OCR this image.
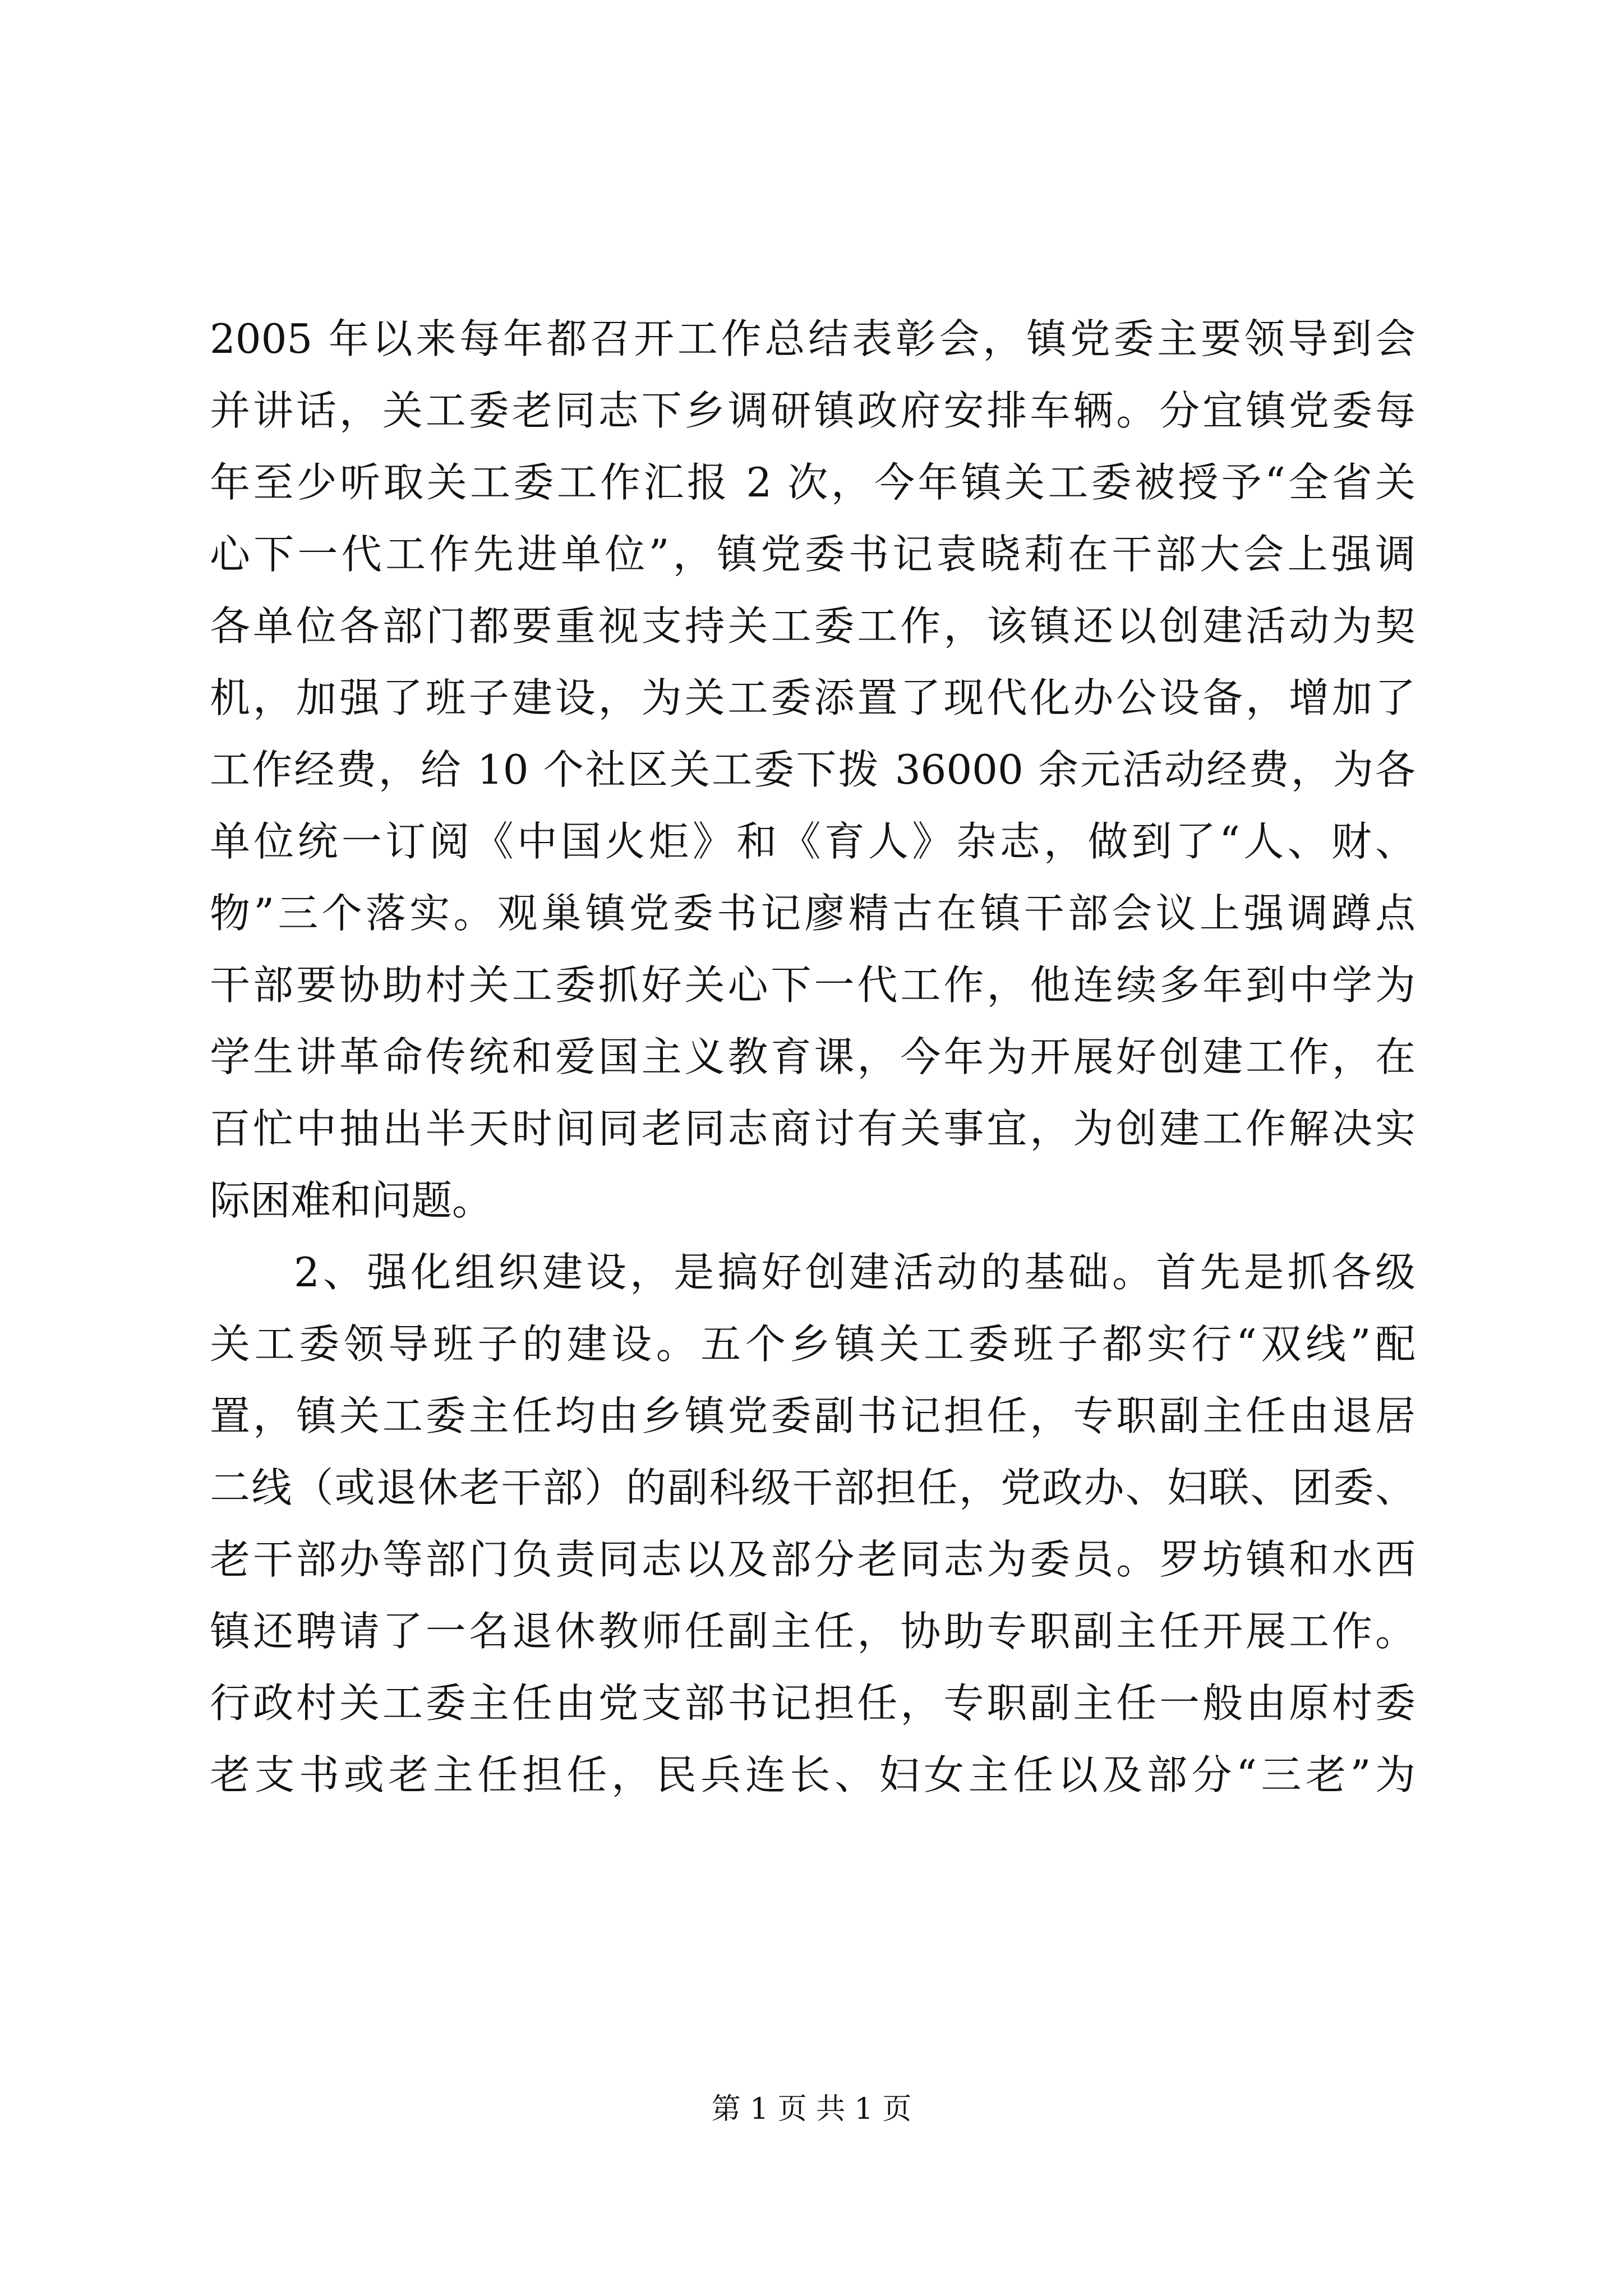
2005 年以来每年都召开工作总结表彰会，镇党委主要领导到会
并讲话，关工委老同志下乡调研镇政府安排车辆。分宜镇党委每
年至少听取关工委工作汇报 2 次，今年镇关工委被授予“全省关
心下一代工作先进单位”，镇党委书记袁晓莉在干部大会上强调
各单位各部门都要重视支持关工委工作，该镇还以创建活动为契
机，加强了班子建设，为关工委添置了现代化办公设备，增加了
工作经费，给 10 个社区关工委下拨 36000 余元活动经费，为各
单位统一订阅《中国火炬》和《育人》杂志，做到了“人、财、
物”三个落实。观巢镇党委书记廖精古在镇干部会议上强调蹲点
干部要协助村关工委抓好关心下一代工作，他连续多年到中学为
学生讲革命传统和爱国主义教育课，今年为开展好创建工作，在
百忙中抽出半天时间同老同志商讨有关事宜，为创建工作解决实
际困难和问题。
2、强化组织建设，是搞好创建活动的基础。首先是抓各级
关工委领导班子的建设。五个乡镇关工委班子都实行“双线”配
置，镇关工委主任均由乡镇党委副书记担任，专职副主任由退居
二线（或退休老干部）的副科级干部担任，党政办、妇联、团委、
老干部办等部门负责同志以及部分老同志为委员。罗坊镇和水西
镇还聘请了一名退休教师任副主任，协助专职副主任开展工作。
行政村关工委主任由党支部书记担任，专职副主任一般由原村委
老支书或老主任担任，民兵连长、妇女主任以及部分“三老”为
第 1 页 共 1 页
